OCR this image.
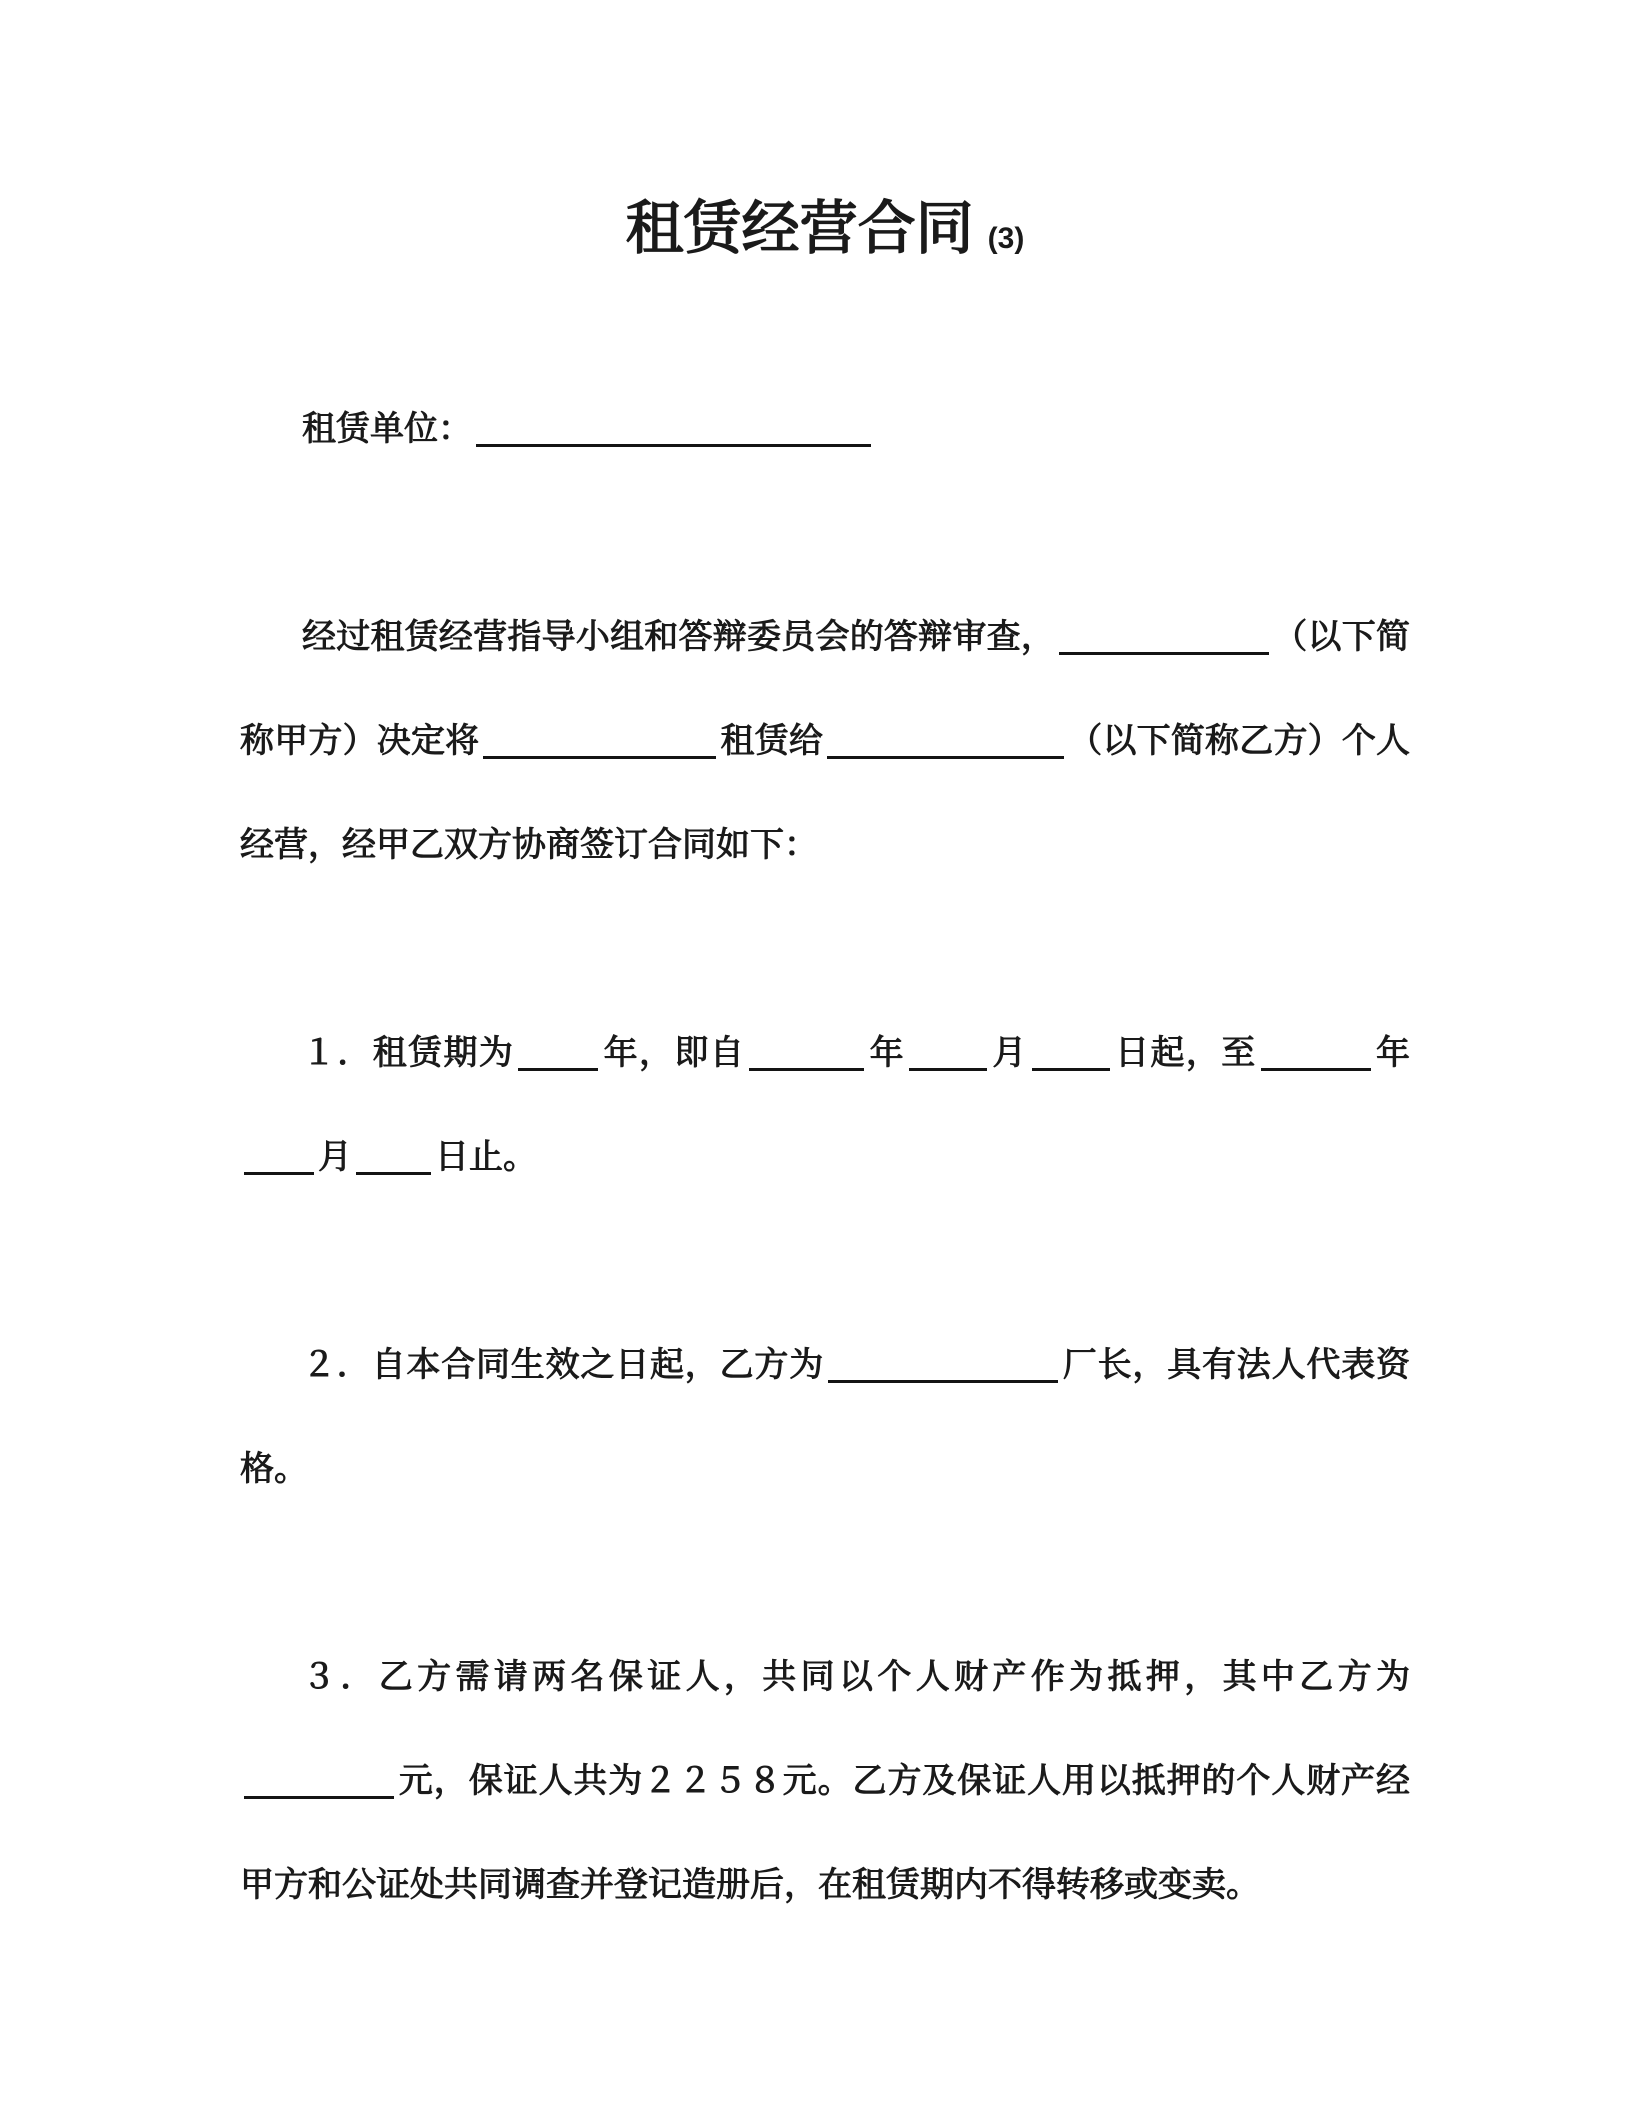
租赁经营合同 (3)

租赁单位：

经过租赁经营指导小组和答辩委员会的答辩审查，	（以下简称甲方）决定将	租赁给	（以下简称乙方）个人经营，经甲乙双方协商签订合同如下：

１．租赁期为	年，即自	年	月	日起，至	年月 日止。

２．自本合同生效之日起，乙方为	厂长，具有法人代表资格。

３．乙方需请两名保证人，共同以个人财产作为抵押，其中乙方为元，保证人共为２２５８元。乙方及保证人用以抵押的个人财产经甲方和公证处共同调查并登记造册后，在租赁期内不得转移或变卖。
